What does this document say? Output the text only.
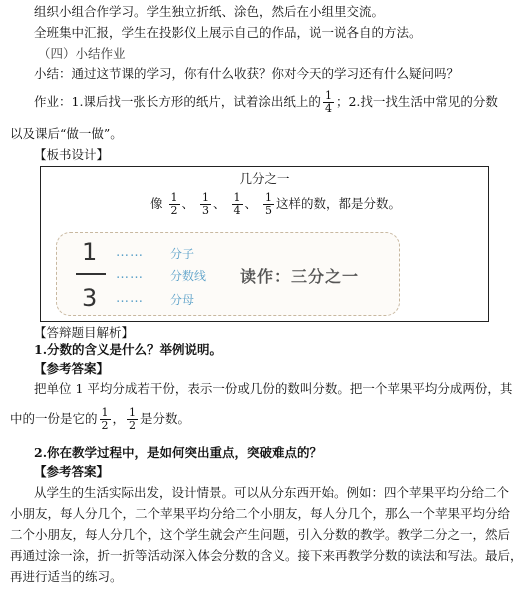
组织小组合作学习。学生独立折纸、涂色，然后在小组里交流。
全班集中汇报，学生在投影仪上展示自己的作品，说一说各自的方法。
（四）小结作业
小结：通过这节课的学习，你有什么收获？你对今天的学习还有什么疑问吗？
作业：1.课后找一张长方形的纸片，试着涂出纸上的 $\frac{1}{4}$ ；2.找一找生活中常见的分数
以及课后“做一做”。
【板书设计】
几分之一
像 $\frac{1}{2}$ 、 $\frac{1}{3}$ 、 $\frac{1}{4}$ 、 $\frac{1}{5}$ 这样的数，都是分数。
1
3
…… 分子
…… 分数线
…… 分母
读作：三分之一
【答辩题目解析】
1.分数的含义是什么？举例说明。
【参考答案】
把单位 1 平均分成若干份，表示一份或几份的数叫分数。把一个苹果平均分成两份，其
中的一份是它的 $\frac{1}{2}$ ， $\frac{1}{2}$ 是分数。
2.你在教学过程中，是如何突出重点，突破难点的？
【参考答案】
从学生的生活实际出发，设计情景。可以从分东西开始。例如：四个苹果平均分给二个
小朋友，每人分几个，二个苹果平均分给二个小朋友，每人分几个，那么一个苹果平均分给
二个小朋友，每人分几个，这个学生就会产生问题，引入分数的教学。教学二分之一，然后
再通过涂一涂，折一折等活动深入体会分数的含义。接下来再教学分数的读法和写法。最后，
再进行适当的练习。
